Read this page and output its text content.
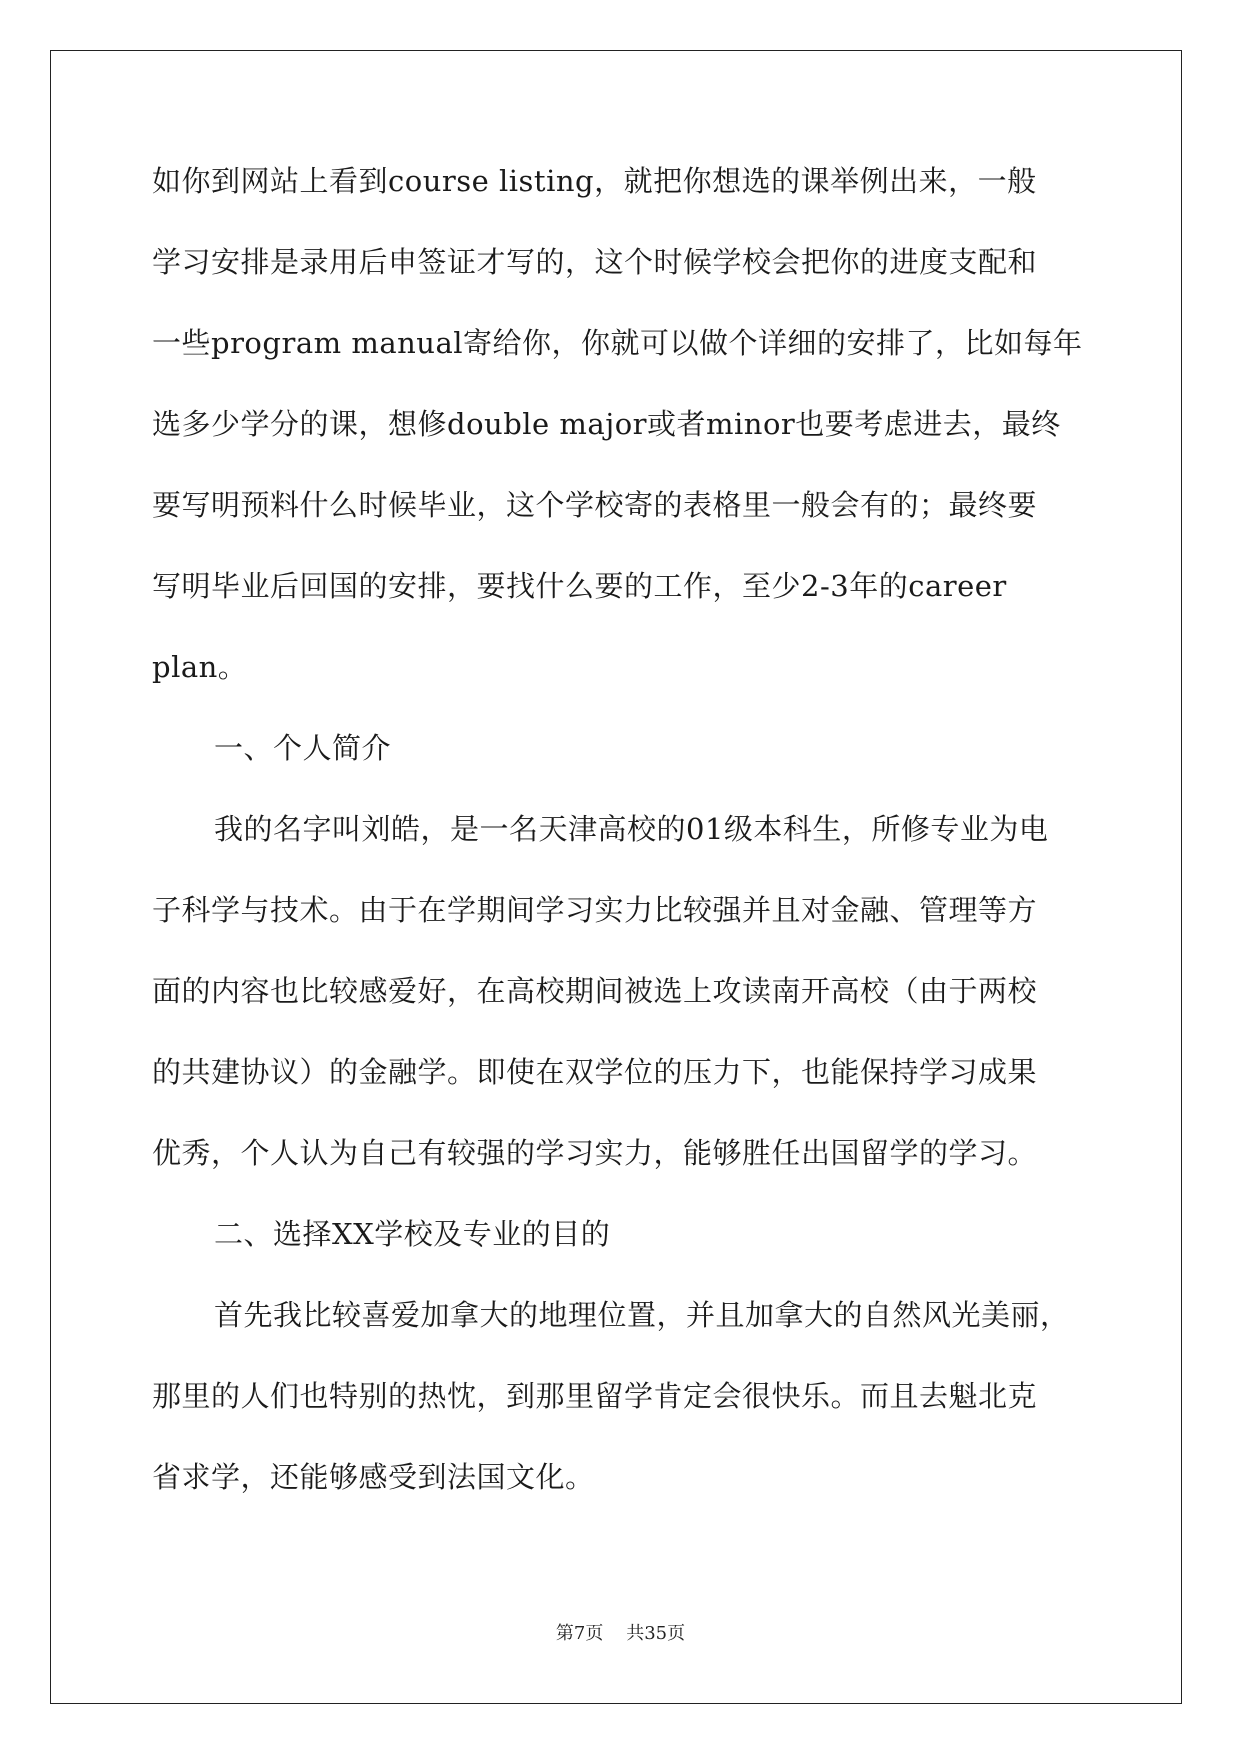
如你到网站上看到course listing，就把你想选的课举例出来，一般
学习安排是录用后申签证才写的，这个时候学校会把你的进度支配和
一些program manual寄给你，你就可以做个详细的安排了，比如每年
选多少学分的课，想修double major或者minor也要考虑进去，最终
要写明预料什么时候毕业，这个学校寄的表格里一般会有的；最终要
写明毕业后回国的安排，要找什么要的工作，至少2-3年的career
plan。
一、个人简介
我的名字叫刘皓，是一名天津高校的01级本科生，所修专业为电
子科学与技术。由于在学期间学习实力比较强并且对金融、管理等方
面的内容也比较感爱好，在高校期间被选上攻读南开高校（由于两校
的共建协议）的金融学。即使在双学位的压力下，也能保持学习成果
优秀，个人认为自己有较强的学习实力，能够胜任出国留学的学习。
二、选择XX学校及专业的目的
首先我比较喜爱加拿大的地理位置，并且加拿大的自然风光美丽，
那里的人们也特别的热忱，到那里留学肯定会很快乐。而且去魁北克
省求学，还能够感受到法国文化。
第7页    共35页
